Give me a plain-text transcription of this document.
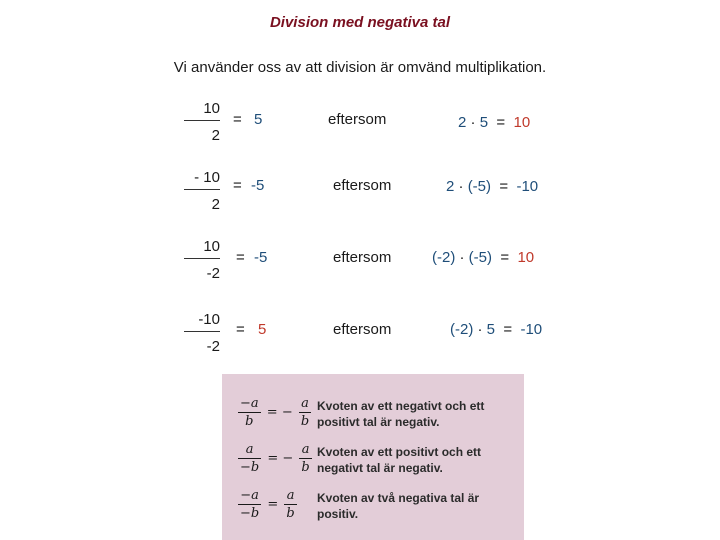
Division med negativa tal
Vi använder oss av att division är omvänd multiplikation.
10
2
= 5	eftersom	2 · 5  =  10
- 10
2
= -5	eftersom	2 · (-5)  =  -10
10
-2
= -5	eftersom	(-2) · (-5)  =  10
-10
-2
= 5	eftersom	(-2) · 5  =  -10
$\frac{-a}{b}$ = − $\frac{a}{b}$ Kvoten av ett negativt och ett positivt tal är negativ.
$\frac{a}{-b}$ = − $\frac{a}{b}$ Kvoten av ett positivt och ett negativt tal är negativ.
$\frac{-a}{-b} = \frac{a}{b}$ Kvoten av två negativa tal är positiv.
